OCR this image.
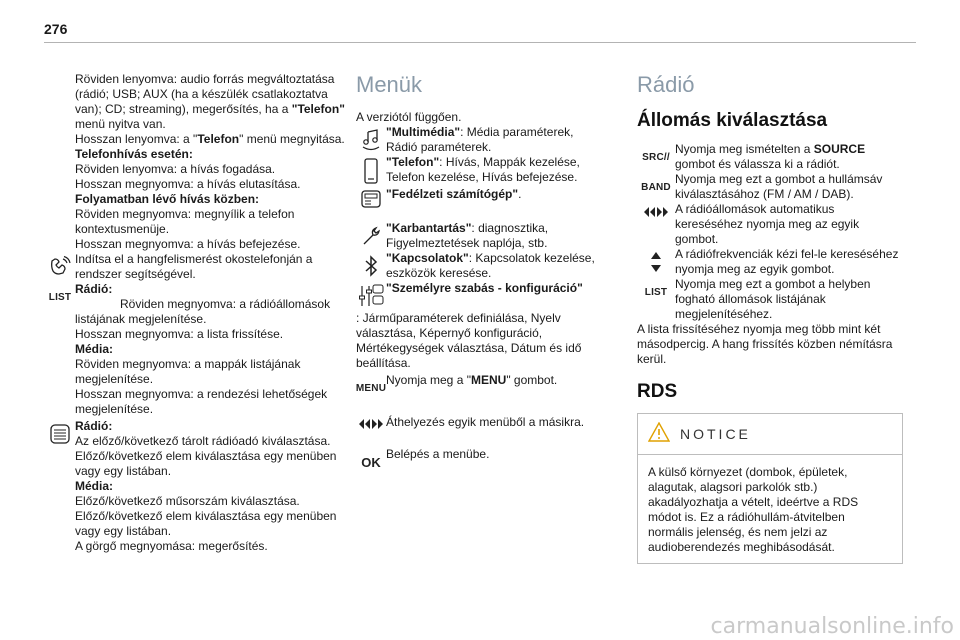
276

Röviden lenyomva: audio forrás megváltoztatása (rádió; USB; AUX (ha a készülék csatlakoztatva van); CD; streaming), megerősítés, ha a "Telefon" menü nyitva van.

Hosszan lenyomva: a "Telefon" menü megnyitása.

Telefonhívás esetén:

Röviden lenyomva: a hívás fogadása.

Hosszan megnyomva: a hívás elutasítása.

Folyamatban lévő hívás közben:

Röviden megnyomva: megnyílik a telefon kontextusmenüje.

Hosszan megnyomva: a hívás befejezése.

Indítsa el a hangfelismerést okostelefonján a rendszer segítségével.
LIST
Rádió:

Röviden megnyomva: a rádióállomások listájának megjelenítése.

Hosszan megnyomva: a lista frissítése.

Média:

Röviden megnyomva: a mappák listájának megjelenítése.

Hosszan megnyomva: a rendezési lehetőségek megjelenítése.

Rádió:
Az előző/következő tárolt rádióadó kiválasztása.

Előző/következő elem kiválasztása egy menüben vagy egy listában.

Média:

Előző/következő műsorszám kiválasztása.

Előző/következő elem kiválasztása egy menüben vagy egy listában.

A görgő megnyomása: megerősítés.

Menük

A verziótól függően.

"Multimédia": Média paraméterek, Rádió paraméterek.
"Telefon": Hívás, Mappák kezelése, Telefon kezelése, Hívás befejezése.
"Fedélzeti számítógép".
"Karbantartás": diagnosztika, Figyelmeztetések naplója, stb.
"Kapcsolatok": Kapcsolatok kezelése, eszközök keresése.
"Személyre szabás - konfiguráció"

: Járműparaméterek definiálása, Nyelv választása, Képernyő konfiguráció, Mértékegységek választása, Dátum és idő beállítása.

MENU
Nyomja meg a "MENU" gombot.
Áthelyezés egyik menüből a másikra.
OK
Belépés a menübe.
Rádió
Állomás kiválasztása
SRC //
Nyomja meg ismételten a SOURCE gombot és válassza ki a rádiót.
BAND
Nyomja meg ezt a gombot a hullámsáv kiválasztásához (FM / AM / DAB).
A rádióállomások automatikus kereséséhez nyomja meg az egyik gombot.
A rádiófrekvenciák kézi fel-le kereséséhez nyomja meg az egyik gombot.
LIST
Nyomja meg ezt a gombot a helyben fogható állomások listájának megjelenítéséhez.

A lista frissítéséhez nyomja meg több mint két másodpercig. A hang frissítés közben némításra kerül.

RDS
NOTICE
A külső környezet (dombok, épületek, alagutak, alagsori parkolók stb.) akadályozhatja a vételt, ideértve a RDS módot is. Ez a rádióhullám-átvitelben normális jelenség, és nem jelzi az audioberendezés meghibásodását.
carmanualsonline.info
